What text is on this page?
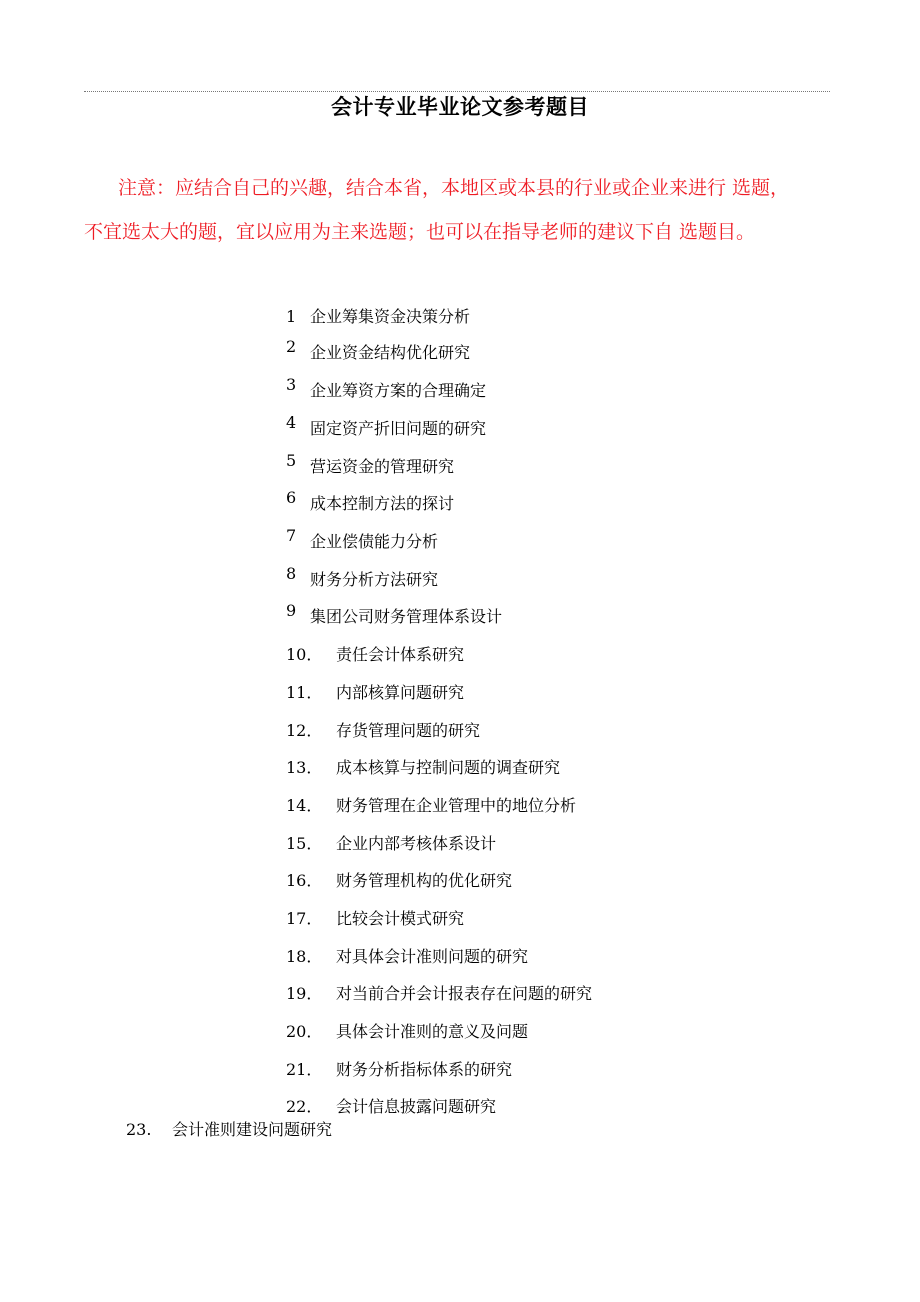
会计专业毕业论文参考题目
注意：应结合自己的兴趣，结合本省，本地区或本县的行业或企业来进行 选题，
不宜选太大的题，宜以应用为主来选题；也可以在指导老师的建议下自 选题目。
1 企业筹集资金决策分析
2 企业资金结构优化研究
3 企业筹资方案的合理确定
4 固定资产折旧问题的研究
5 营运资金的管理研究
6 成本控制方法的探讨
7 企业偿债能力分析
8 财务分析方法研究
9 集团公司财务管理体系设计
10． 责任会计体系研究
11． 内部核算问题研究
12． 存货管理问题的研究
13． 成本核算与控制问题的调查研究
14． 财务管理在企业管理中的地位分析
15． 企业内部考核体系设计
16． 财务管理机构的优化研究
17． 比较会计模式研究
18． 对具体会计准则问题的研究
19． 对当前合并会计报表存在问题的研究
20． 具体会计准则的意义及问题
21． 财务分析指标体系的研究
22． 会计信息披露问题研究
23. 会计准则建设问题研究
